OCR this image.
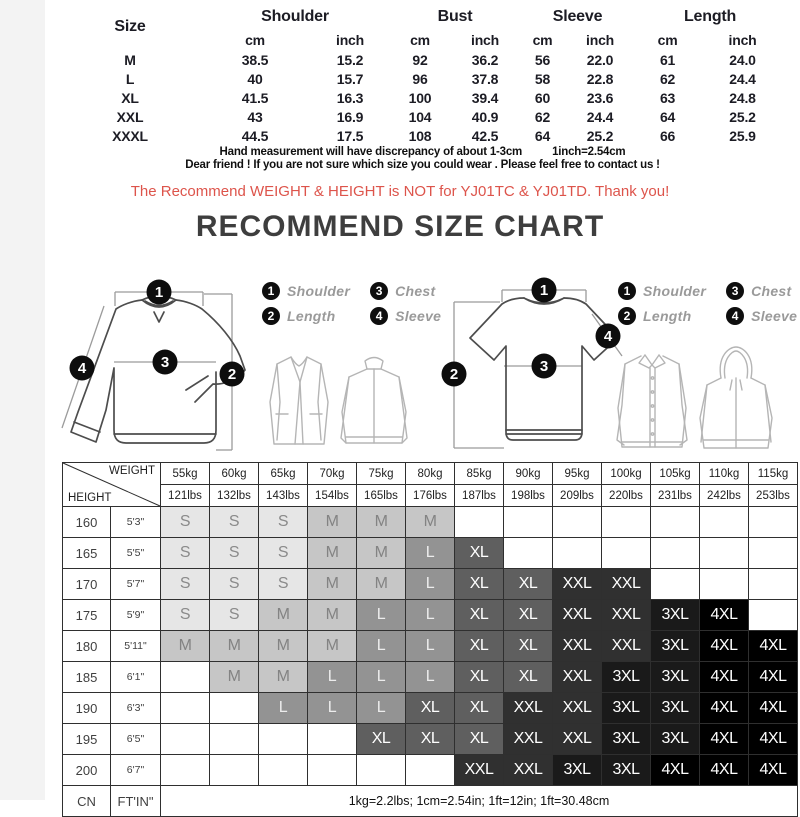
Size	Shoulder		Bust		Sleeve		Length	
	cm	inch	cm	inch	cm	inch	cm	inch
M	38.5	15.2	92	36.2	56	22.0	61	24.0
L	40	15.7	96	37.8	58	22.8	62	24.4
XL	41.5	16.3	100	39.4	60	23.6	63	24.8
XXL	43	16.9	104	40.9	62	24.4	64	25.2
XXXL	44.5	17.5	108	42.5	64	25.2	66	25.9
Hand measurement will have discrepancy of about 1-3cm	1inch=2.54cm
Dear friend ! If you are not sure which size you could wear . Please feel free to contact us !
The Recommend WEIGHT & HEIGHT is NOT for YJ01TC & YJ01TD. Thank you!
RECOMMEND SIZE CHART
1
4	3
2
1 Shoulder	3 Chest
2 Length	4 Sleeve
1
2	3
4
1 Shoulder	3 Chest
2 Length	4 Sleeve
WEIGHT
HEIGHT		55kg	60kg	65kg	70kg	75kg	80kg	85kg	90kg	95kg	100kg	105kg	110kg	115kg
		121lbs	132lbs	143lbs	154lbs	165lbs	176lbs	187lbs	198lbs	209lbs	220lbs	231lbs	242lbs	253lbs
160	5'3"	S	S	S	M	M	M							
165	5'5"	S	S	S	M	M	L	XL						
170	5'7"	S	S	S	M	M	L	XL	XL	XXL	XXL			
175	5'9"	S	S	M	M	L	L	XL	XL	XXL	XXL	3XL	4XL	
180	5'11"	M	M	M	M	L	L	XL	XL	XXL	XXL	3XL	4XL	4XL
185	6'1"		M	M	L	L	L	XL	XL	XXL	3XL	3XL	4XL	4XL
190	6'3"			L	L	L	XL	XL	XXL	XXL	3XL	3XL	4XL	4XL
195	6'5"					XL	XL	XL	XXL	XXL	3XL	3XL	4XL	4XL
200	6'7"							XXL	XXL	3XL	3XL	4XL	4XL	4XL
CN	FT'IN"	1kg=2.2lbs; 1cm=2.54in; 1ft=12in; 1ft=30.48cm												
